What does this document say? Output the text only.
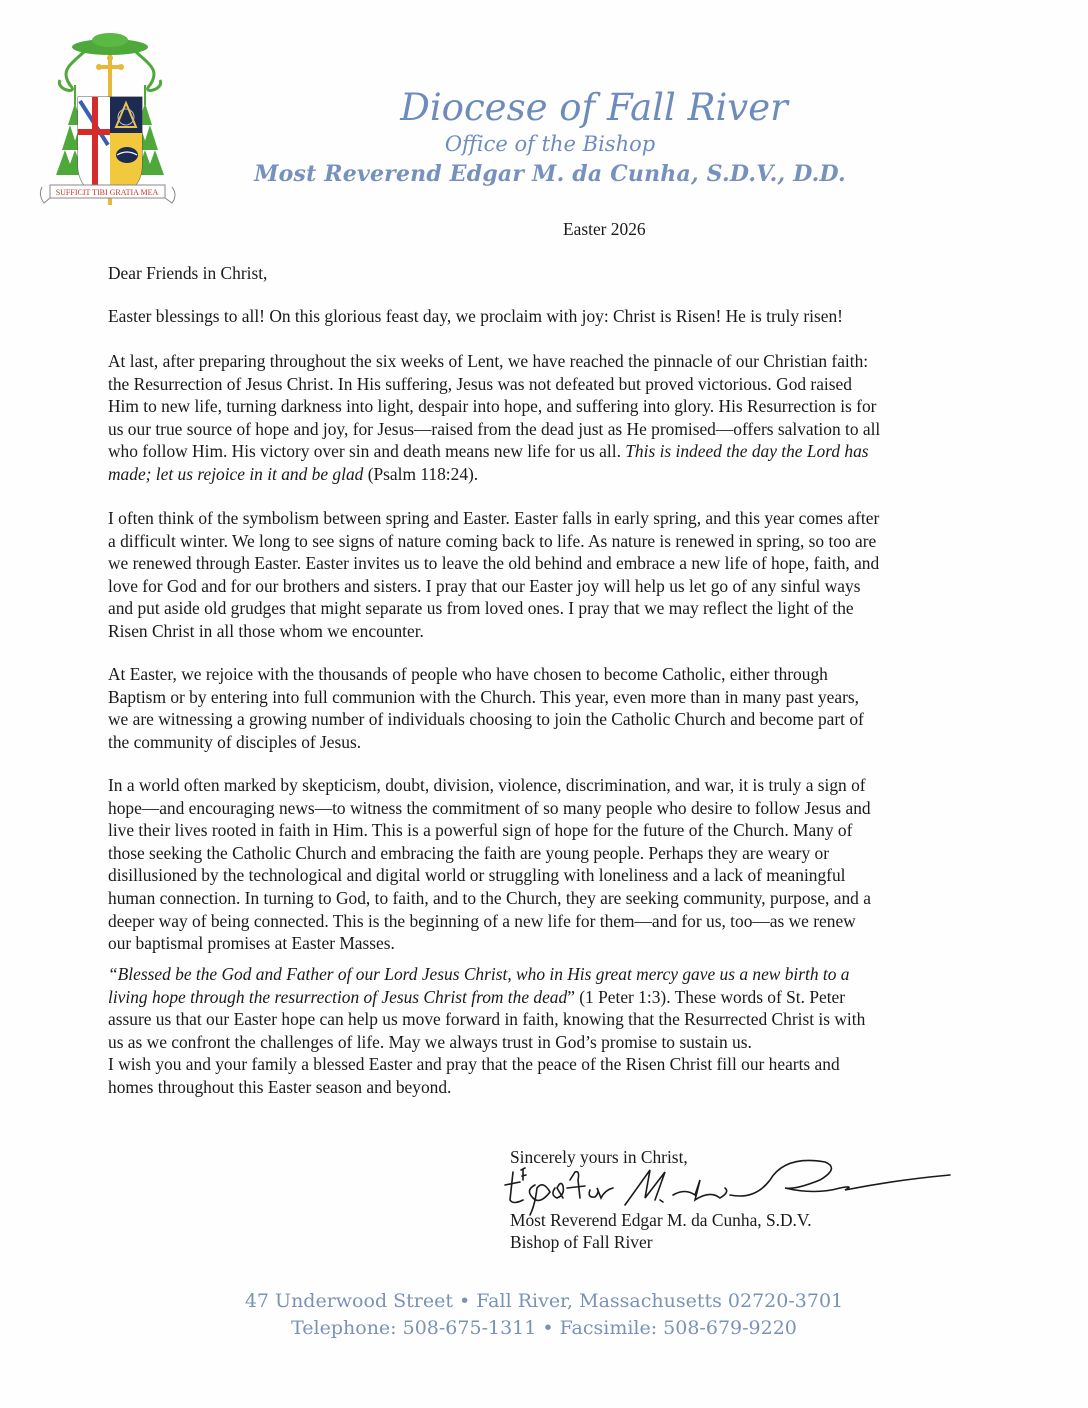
SUFFICIT TIBI GRATIA MEA
Diocese of Fall River
Office of the Bishop
Most Reverend Edgar M. da Cunha, S.D.V., D.D.
Easter 2026
Dear Friends in Christ,
Easter blessings to all! On this glorious feast day, we proclaim with joy: Christ is Risen! He is truly risen!
At last, after preparing throughout the six weeks of Lent, we have reached the pinnacle of our Christian faith:
the Resurrection of Jesus Christ. In His suffering, Jesus was not defeated but proved victorious. God raised
Him to new life, turning darkness into light, despair into hope, and suffering into glory. His Resurrection is for
us our true source of hope and joy, for Jesus—raised from the dead just as He promised—offers salvation to all
who follow Him. His victory over sin and death means new life for us all. This is indeed the day the Lord has
made; let us rejoice in it and be glad (Psalm 118:24).
I often think of the symbolism between spring and Easter. Easter falls in early spring, and this year comes after
a difficult winter. We long to see signs of nature coming back to life. As nature is renewed in spring, so too are
we renewed through Easter. Easter invites us to leave the old behind and embrace a new life of hope, faith, and
love for God and for our brothers and sisters. I pray that our Easter joy will help us let go of any sinful ways
and put aside old grudges that might separate us from loved ones. I pray that we may reflect the light of the
Risen Christ in all those whom we encounter.
At Easter, we rejoice with the thousands of people who have chosen to become Catholic, either through
Baptism or by entering into full communion with the Church. This year, even more than in many past years,
we are witnessing a growing number of individuals choosing to join the Catholic Church and become part of
the community of disciples of Jesus.
In a world often marked by skepticism, doubt, division, violence, discrimination, and war, it is truly a sign of
hope—and encouraging news—to witness the commitment of so many people who desire to follow Jesus and
live their lives rooted in faith in Him. This is a powerful sign of hope for the future of the Church. Many of
those seeking the Catholic Church and embracing the faith are young people. Perhaps they are weary or
disillusioned by the technological and digital world or struggling with loneliness and a lack of meaningful
human connection. In turning to God, to faith, and to the Church, they are seeking community, purpose, and a
deeper way of being connected. This is the beginning of a new life for them—and for us, too—as we renew
our baptismal promises at Easter Masses.
“Blessed be the God and Father of our Lord Jesus Christ, who in His great mercy gave us a new birth to a
living hope through the resurrection of Jesus Christ from the dead” (1 Peter 1:3). These words of St. Peter
assure us that our Easter hope can help us move forward in faith, knowing that the Resurrected Christ is with
us as we confront the challenges of life. May we always trust in God’s promise to sustain us.
I wish you and your family a blessed Easter and pray that the peace of the Risen Christ fill our hearts and
homes throughout this Easter season and beyond.
Sincerely yours in Christ,
Most Reverend Edgar M. da Cunha, S.D.V.
Bishop of Fall River
47 Underwood Street • Fall River, Massachusetts 02720-3701
Telephone: 508-675-1311 • Facsimile: 508-679-9220
